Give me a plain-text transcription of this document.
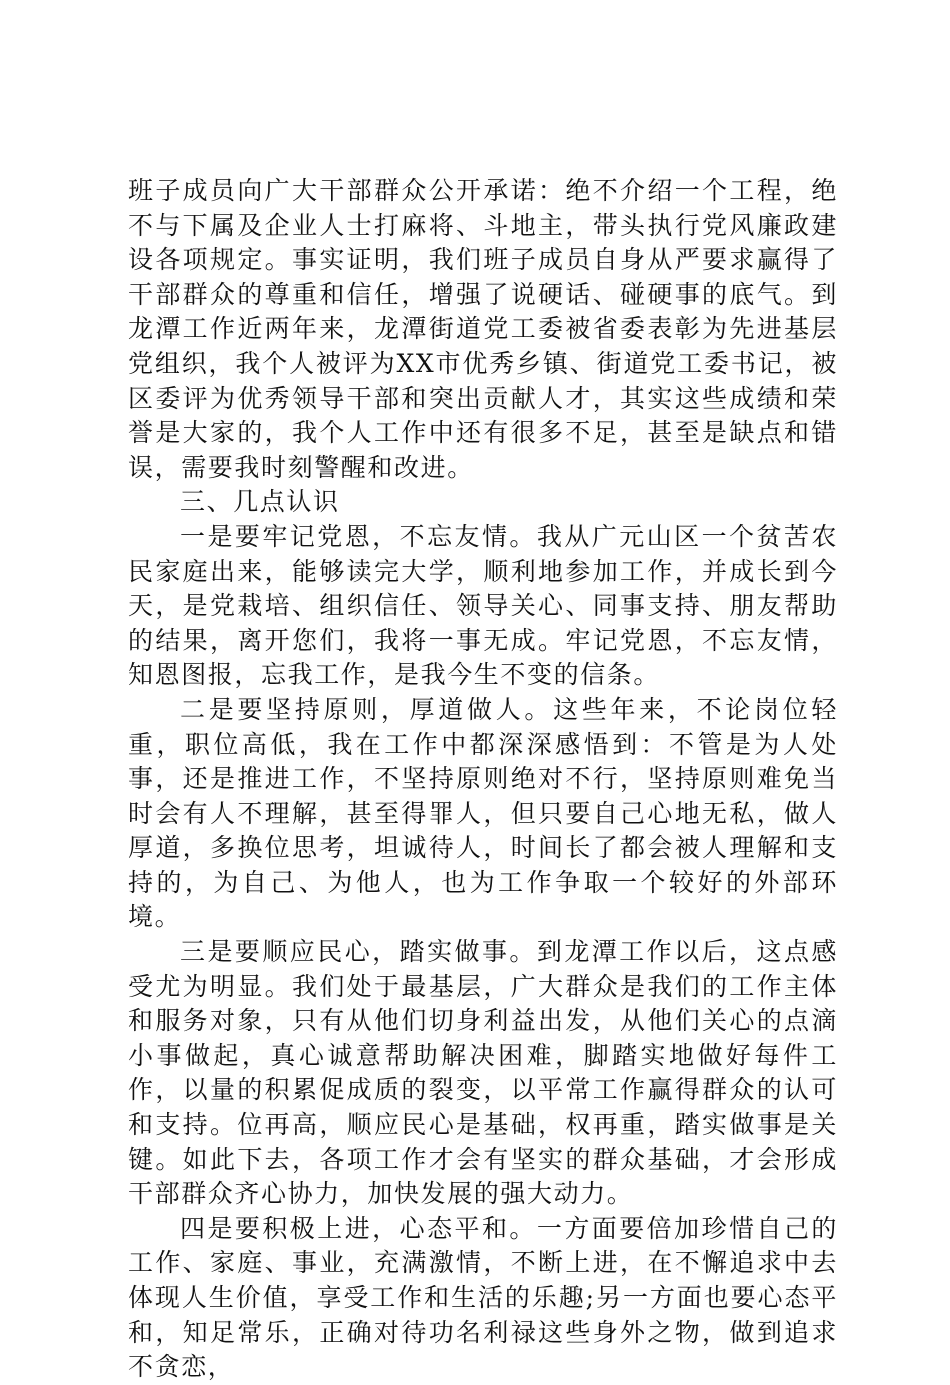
班子成员向广大干部群众公开承诺：绝不介绍一个工程，绝不与下属及企业人士打麻将、斗地主，带头执行党风廉政建设各项规定。事实证明，我们班子成员自身从严要求赢得了干部群众的尊重和信任，增强了说硬话、碰硬事的底气。到龙潭工作近两年来，龙潭街道党工委被省委表彰为先进基层党组织，我个人被评为XX市优秀乡镇、街道党工委书记，被区委评为优秀领导干部和突出贡献人才，其实这些成绩和荣誉是大家的，我个人工作中还有很多不足，甚至是缺点和错误，需要我时刻警醒和改进。

三、几点认识

一是要牢记党恩，不忘友情。我从广元山区一个贫苦农民家庭出来，能够读完大学，顺利地参加工作，并成长到今天，是党栽培、组织信任、领导关心、同事支持、朋友帮助的结果，离开您们，我将一事无成。牢记党恩，不忘友情，知恩图报，忘我工作，是我今生不变的信条。

二是要坚持原则，厚道做人。这些年来，不论岗位轻重，职位高低，我在工作中都深深感悟到：不管是为人处事，还是推进工作，不坚持原则绝对不行，坚持原则难免当时会有人不理解，甚至得罪人，但只要自己心地无私，做人厚道，多换位思考，坦诚待人，时间长了都会被人理解和支持的，为自己、为他人，也为工作争取一个较好的外部环境。

三是要顺应民心，踏实做事。到龙潭工作以后，这点感受尤为明显。我们处于最基层，广大群众是我们的工作主体和服务对象，只有从他们切身利益出发，从他们关心的点滴小事做起，真心诚意帮助解决困难，脚踏实地做好每件工作，以量的积累促成质的裂变，以平常工作赢得群众的认可和支持。位再高，顺应民心是基础，权再重，踏实做事是关键。如此下去，各项工作才会有坚实的群众基础，才会形成干部群众齐心协力，加快发展的强大动力。

四是要积极上进，心态平和。一方面要倍加珍惜自己的工作、家庭、事业，充满激情，不断上进，在不懈追求中去体现人生价值，享受工作和生活的乐趣;另一方面也要心态平和，知足常乐，正确对待功名利禄这些身外之物，做到追求不贪恋，
